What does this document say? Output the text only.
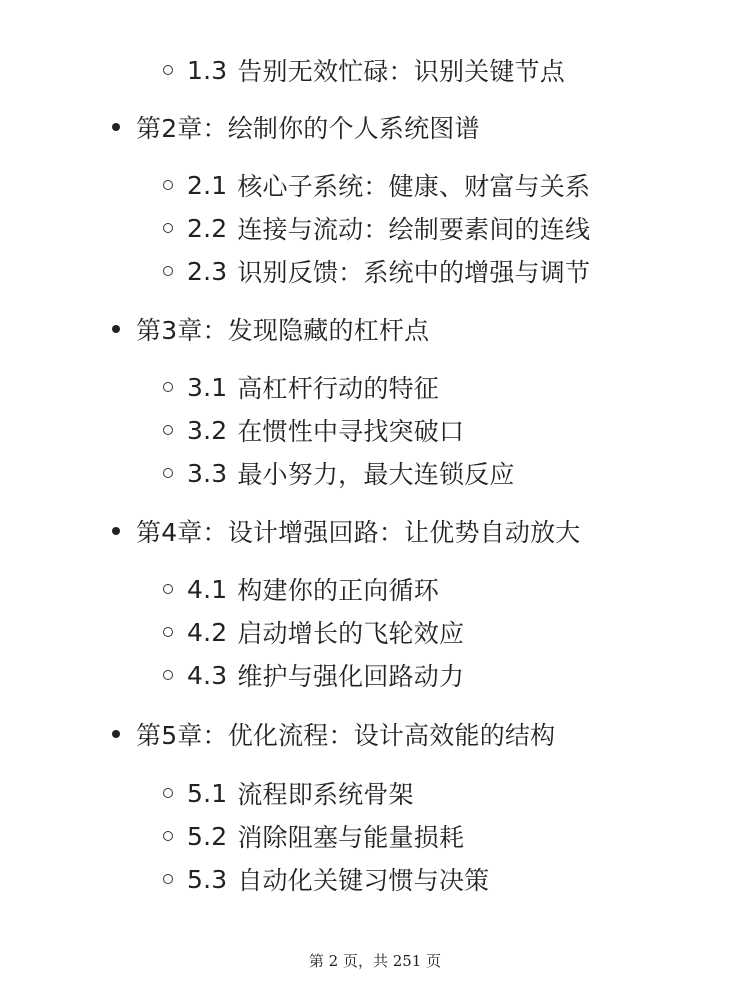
1.3 告别无效忙碌：识别关键节点
第2章：绘制你的个人系统图谱
2.1 核心子系统：健康、财富与关系
2.2 连接与流动：绘制要素间的连线
2.3 识别反馈：系统中的增强与调节
第3章：发现隐藏的杠杆点
3.1 高杠杆行动的特征
3.2 在惯性中寻找突破口
3.3 最小努力，最大连锁反应
第4章：设计增强回路：让优势自动放大
4.1 构建你的正向循环
4.2 启动增长的飞轮效应
4.3 维护与强化回路动力
第5章：优化流程：设计高效能的结构
5.1 流程即系统骨架
5.2 消除阻塞与能量损耗
5.3 自动化关键习惯与决策
第 2 页，共 251 页
